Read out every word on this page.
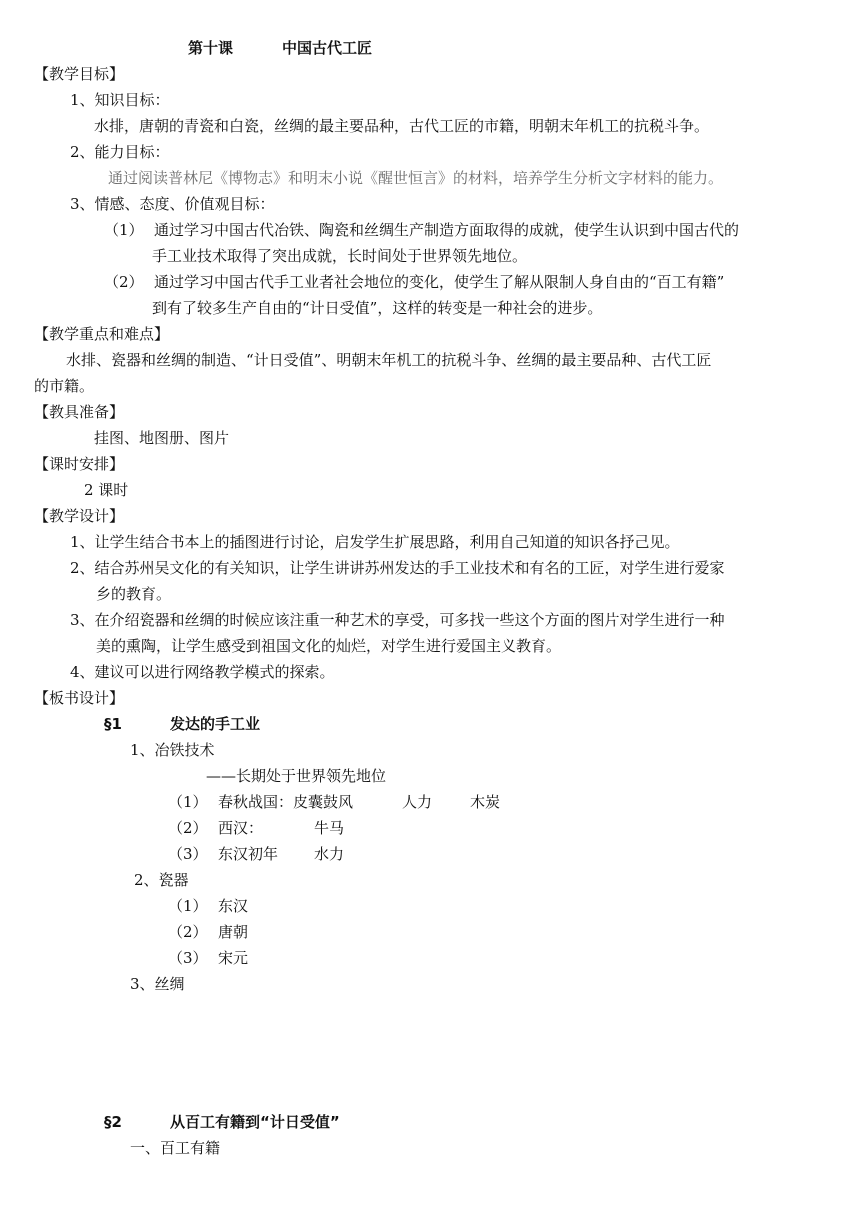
第十课	中国古代工匠
【教学目标】
1、知识目标：
水排，唐朝的青瓷和白瓷，丝绸的最主要品种，古代工匠的市籍，明朝末年机工的抗税斗争。
2、能力目标：
通过阅读普林尼《博物志》和明末小说《醒世恒言》的材料，培养学生分析文字材料的能力。
3、情感、态度、价值观目标：
（1） 通过学习中国古代冶铁、陶瓷和丝绸生产制造方面取得的成就，使学生认识到中国古代的
手工业技术取得了突出成就，长时间处于世界领先地位。
（2） 通过学习中国古代手工业者社会地位的变化，使学生了解从限制人身自由的“百工有籍”
到有了较多生产自由的“计日受值”，这样的转变是一种社会的进步。
【教学重点和难点】
水排、瓷器和丝绸的制造、“计日受值”、明朝末年机工的抗税斗争、丝绸的最主要品种、古代工匠
的市籍。
【教具准备】
挂图、地图册、图片
【课时安排】
2 课时
【教学设计】
1、让学生结合书本上的插图进行讨论，启发学生扩展思路，利用自己知道的知识各抒己见。
2、结合苏州吴文化的有关知识，让学生讲讲苏州发达的手工业技术和有名的工匠，对学生进行爱家
乡的教育。
3、在介绍瓷器和丝绸的时候应该注重一种艺术的享受，可多找一些这个方面的图片对学生进行一种
美的熏陶，让学生感受到祖国文化的灿烂，对学生进行爱国主义教育。
4、建议可以进行网络教学模式的探索。
【板书设计】
§1	发达的手工业
1、冶铁技术
——长期处于世界领先地位
（1） 春秋战国：皮囊鼓风	人力	木炭
（2） 西汉：	牛马
（3） 东汉初年 水力
2、瓷器
（1） 东汉
（2） 唐朝
（3） 宋元
3、丝绸
§2	从百工有籍到“计日受值”
一、百工有籍
